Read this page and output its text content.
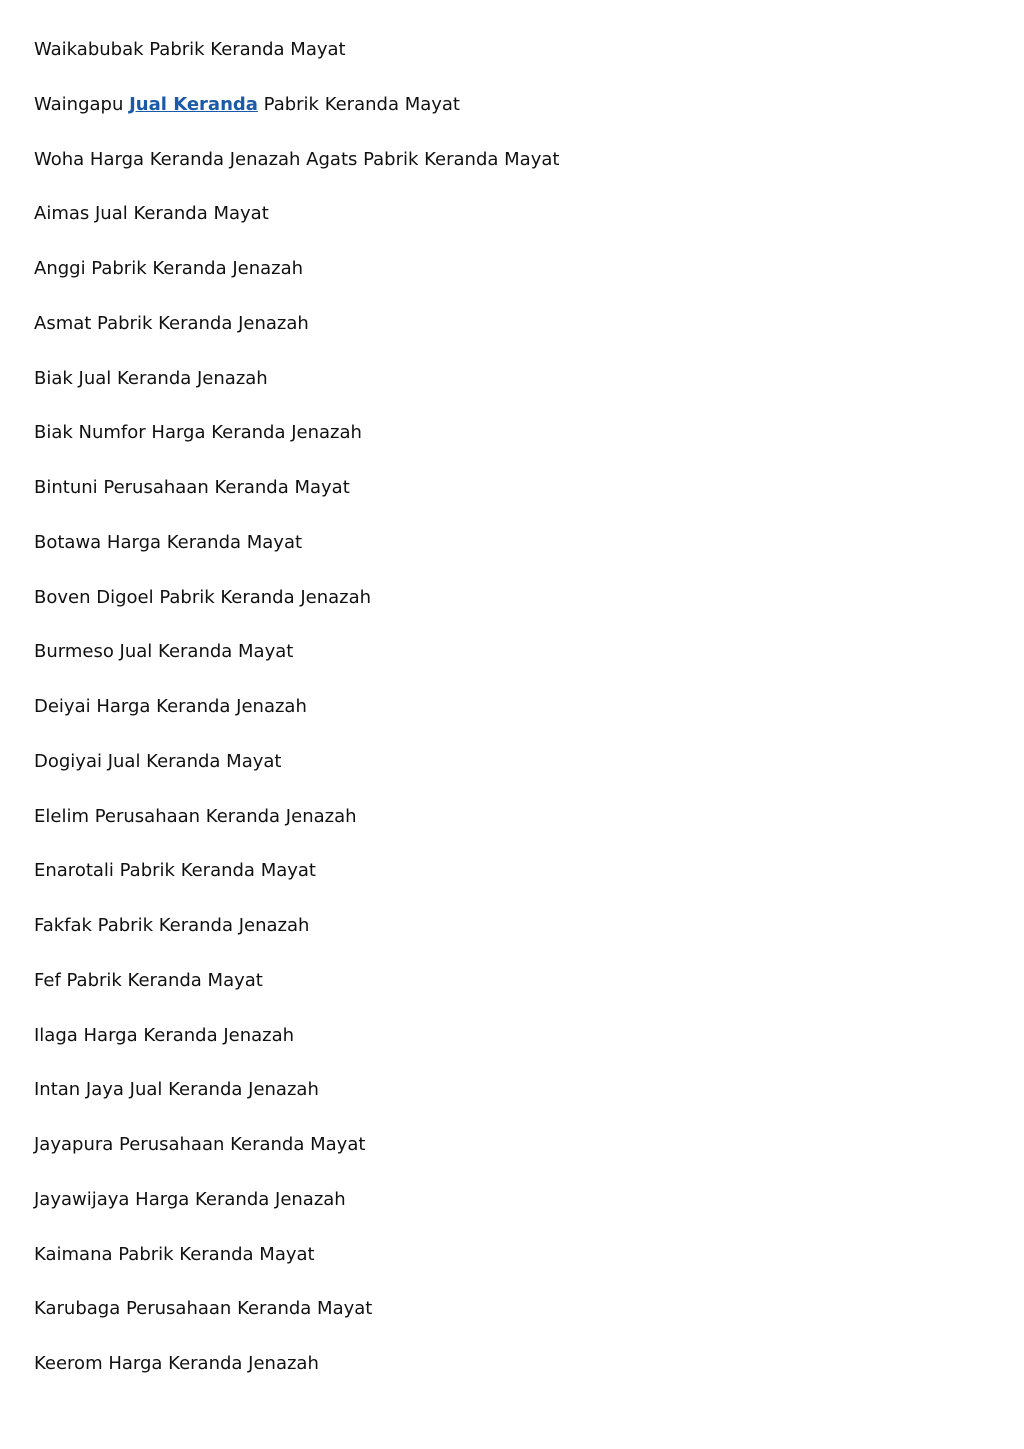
Waikabubak Pabrik Keranda Mayat
Waingapu Jual Keranda Pabrik Keranda Mayat
Woha Harga Keranda Jenazah Agats Pabrik Keranda Mayat
Aimas Jual Keranda Mayat
Anggi Pabrik Keranda Jenazah
Asmat Pabrik Keranda Jenazah
Biak Jual Keranda Jenazah
Biak Numfor Harga Keranda Jenazah
Bintuni Perusahaan Keranda Mayat
Botawa Harga Keranda Mayat
Boven Digoel Pabrik Keranda Jenazah
Burmeso Jual Keranda Mayat
Deiyai Harga Keranda Jenazah
Dogiyai Jual Keranda Mayat
Elelim Perusahaan Keranda Jenazah
Enarotali Pabrik Keranda Mayat
Fakfak Pabrik Keranda Jenazah
Fef Pabrik Keranda Mayat
Ilaga Harga Keranda Jenazah
Intan Jaya Jual Keranda Jenazah
Jayapura Perusahaan Keranda Mayat
Jayawijaya Harga Keranda Jenazah
Kaimana Pabrik Keranda Mayat
Karubaga Perusahaan Keranda Mayat
Keerom Harga Keranda Jenazah
